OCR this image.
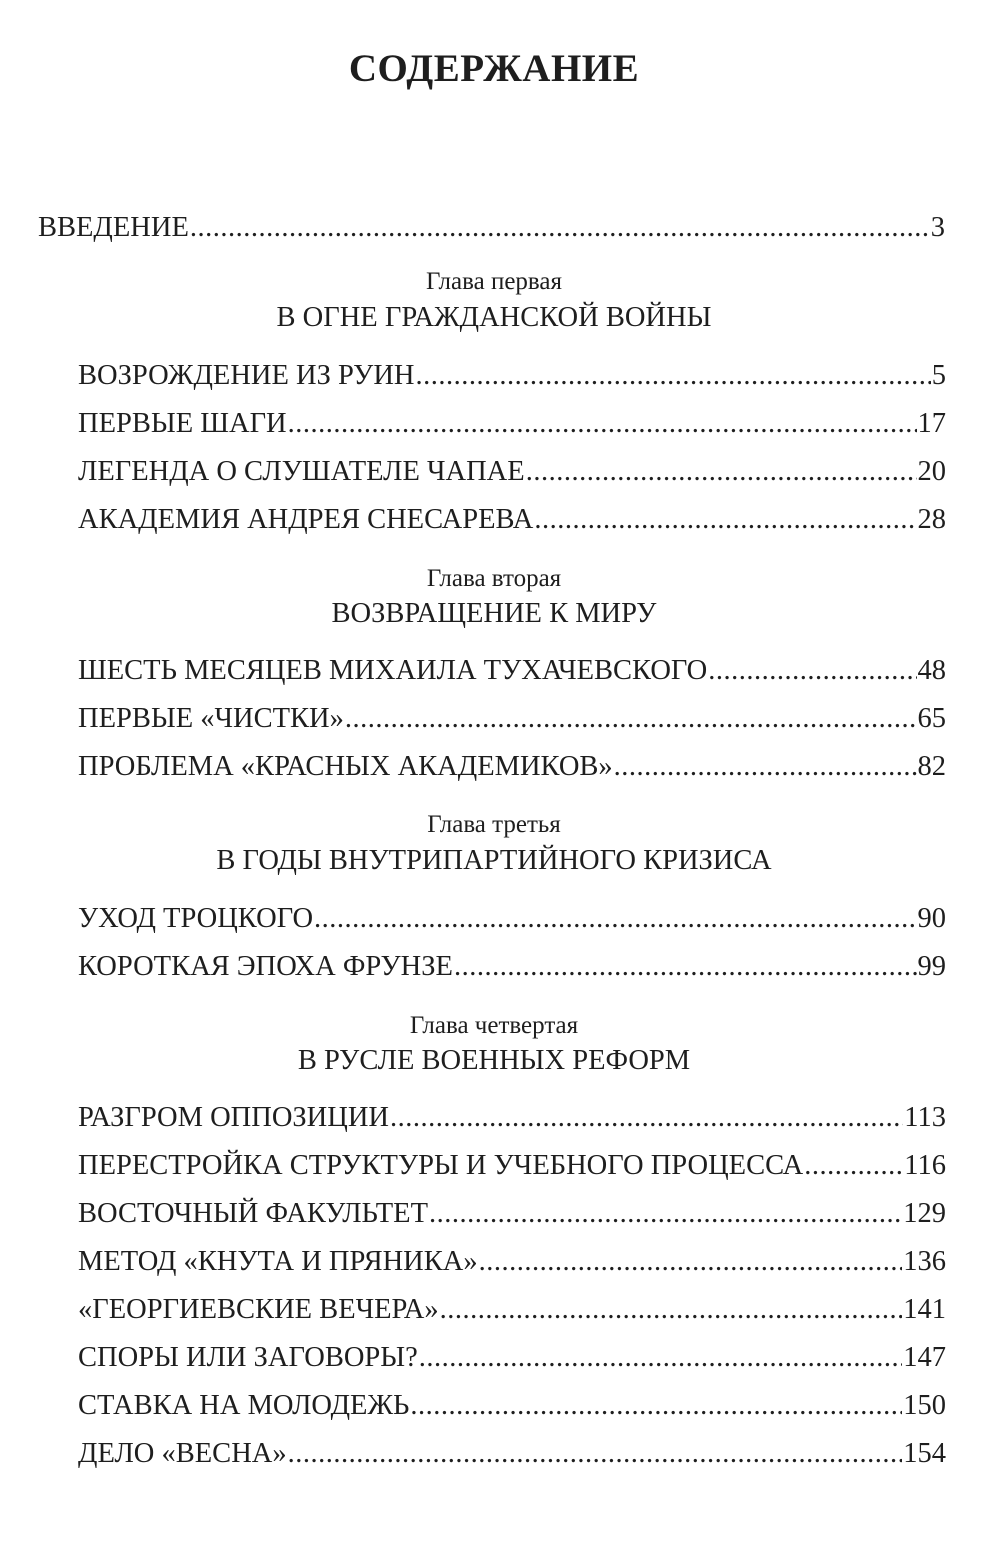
СОДЕРЖАНИЕ
ВВЕДЕНИЕ .....	3
Глава первая
В ОГНЕ ГРАЖДАНСКОЙ ВОЙНЫ
ВОЗРОЖДЕНИЕ ИЗ РУИН .....	5
ПЕРВЫЕ ШАГИ .....	17
ЛЕГЕНДА О СЛУШАТЕЛЕ ЧАПАЕ .....	20
АКАДЕМИЯ АНДРЕЯ СНЕСАРЕВА .....	28
Глава вторая
ВОЗВРАЩЕНИЕ К МИРУ
ШЕСТЬ МЕСЯЦЕВ МИХАИЛА ТУХАЧЕВСКОГО .....	48
ПЕРВЫЕ «ЧИСТКИ» .....	65
ПРОБЛЕМА «КРАСНЫХ АКАДЕМИКОВ» .....	82
Глава третья
В ГОДЫ ВНУТРИПАРТИЙНОГО КРИЗИСА
УХОД ТРОЦКОГО .....	90
КОРОТКАЯ ЭПОХА ФРУНЗЕ .....	99
Глава четвертая
В РУСЛЕ ВОЕННЫХ РЕФОРМ
РАЗГРОМ ОППОЗИЦИИ .....	113
ПЕРЕСТРОЙКА СТРУКТУРЫ И УЧЕБНОГО ПРОЦЕССА .....	116
ВОСТОЧНЫЙ ФАКУЛЬТЕТ .....	129
МЕТОД «КНУТА И ПРЯНИКА» .....	136
«ГЕОРГИЕВСКИЕ ВЕЧЕРА» .....	141
СПОРЫ ИЛИ ЗАГОВОРЫ? .....	147
СТАВКА НА МОЛОДЕЖЬ .....	150
ДЕЛО «ВЕСНА» .....	154
